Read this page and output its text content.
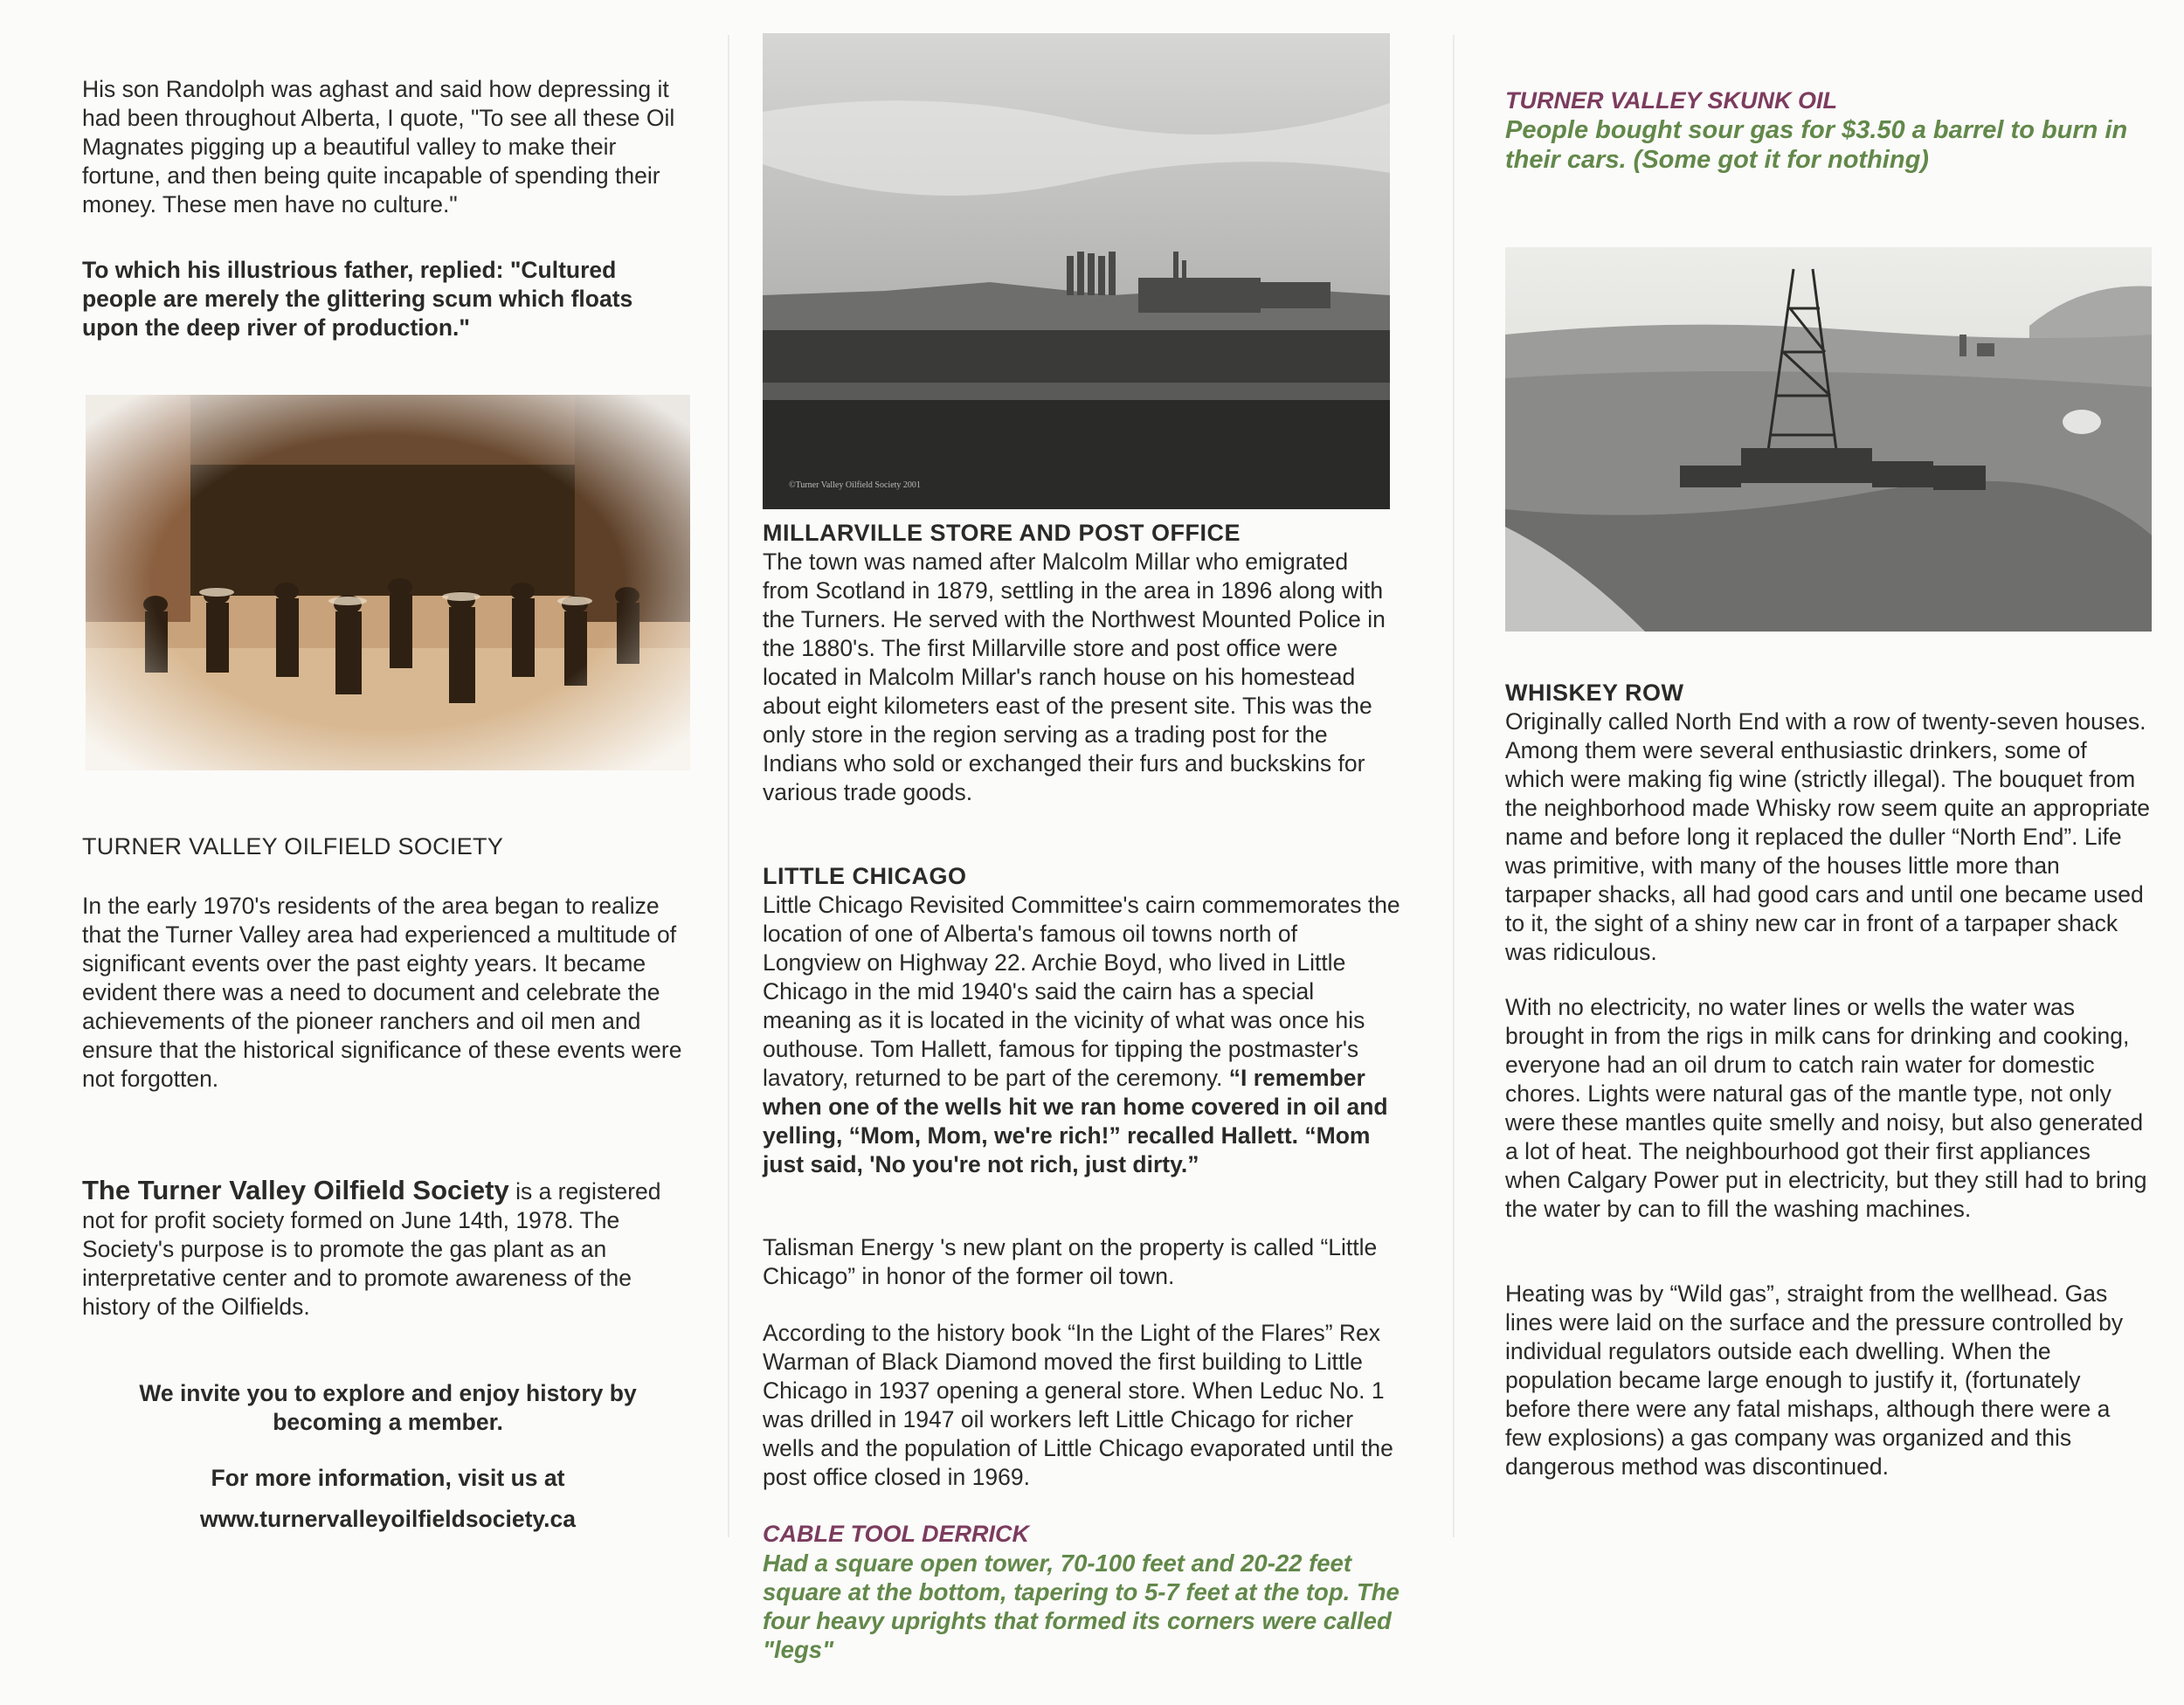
His son Randolph was aghast and said how depressing it had been throughout Alberta, I quote, "To see all these Oil Magnates pigging up a beautiful valley to make their fortune, and then being quite incapable of spending their money. These men have no culture."

To which his illustrious father, replied: "Cultured people are merely the glittering scum which floats upon the deep river of production."

TURNER VALLEY OILFIELD SOCIETY

In the early 1970's residents of the area began to realize that the Turner Valley area had experienced a multitude of significant events over the past eighty years. It became evident there was a need to document and celebrate the achievements of the pioneer ranchers and oil men and ensure that the historical significance of these events were not forgotten.

The Turner Valley Oilfield Society is a registered not for profit society formed on June 14th, 1978. The Society's purpose is to promote the gas plant as an interpretative center and to promote awareness of the history of the Oilfields.

We invite you to explore and enjoy history by becoming a member.

For more information, visit us at

www.turnervalleyoilfieldsociety.ca

©Turner Valley Oilfield Society 2001
MILLARVILLE STORE AND POST OFFICE

The town was named after Malcolm Millar who emigrated from Scotland in 1879, settling in the area in 1896 along with the Turners. He served with the Northwest Mounted Police in the 1880's. The first Millarville store and post office were located in Malcolm Millar's ranch house on his homestead about eight kilometers east of the present site. This was the only store in the region serving as a trading post for the Indians who sold or exchanged their furs and buckskins for various trade goods.

LITTLE CHICAGO

Little Chicago Revisited Committee's cairn commemorates the location of one of Alberta's famous oil towns north of Longview on Highway 22. Archie Boyd, who lived in Little Chicago in the mid 1940's said the cairn has a special meaning as it is located in the vicinity of what was once his outhouse. Tom Hallett, famous for tipping the postmaster's lavatory, returned to be part of the ceremony. “I remember when one of the wells hit we ran home covered in oil and yelling, “Mom, Mom, we're rich!” recalled Hallett. “Mom just said, 'No you're not rich, just dirty.”

Talisman Energy 's new plant on the property is called “Little Chicago” in honor of the former oil town.

According to the history book “In the Light of the Flares” Rex Warman of Black Diamond moved the first building to Little Chicago in 1937 opening a general store. When Leduc No. 1 was drilled in 1947 oil workers left Little Chicago for richer wells and the population of Little Chicago evaporated until the post office closed in 1969.

CABLE TOOL DERRICK

Had a square open tower, 70-100 feet and 20-22 feet square at the bottom, tapering to 5-7 feet at the top. The four heavy uprights that formed its corners were called "legs"

TURNER VALLEY SKUNK OIL

People bought sour gas for $3.50 a barrel to burn in their cars. (Some got it for nothing)

WHISKEY ROW

Originally called North End with a row of twenty-seven houses. Among them were several enthusiastic drinkers, some of which were making fig wine (strictly illegal). The bouquet from the neighborhood made Whisky row seem quite an appropriate name and before long it replaced the duller “North End”. Life was primitive, with many of the houses little more than tarpaper shacks, all had good cars and until one became used to it, the sight of a shiny new car in front of a tarpaper shack was ridiculous.

With no electricity, no water lines or wells the water was brought in from the rigs in milk cans for drinking and cooking, everyone had an oil drum to catch rain water for domestic chores. Lights were natural gas of the mantle type, not only were these mantles quite smelly and noisy, but also generated a lot of heat. The neighbourhood got their first appliances when Calgary Power put in electricity, but they still had to bring the water by can to fill the washing machines.

Heating was by “Wild gas”, straight from the wellhead. Gas lines were laid on the surface and the pressure controlled by individual regulators outside each dwelling. When the population became large enough to justify it, (fortunately before there were any fatal mishaps, although there were a few explosions) a gas company was organized and this dangerous method was discontinued.
